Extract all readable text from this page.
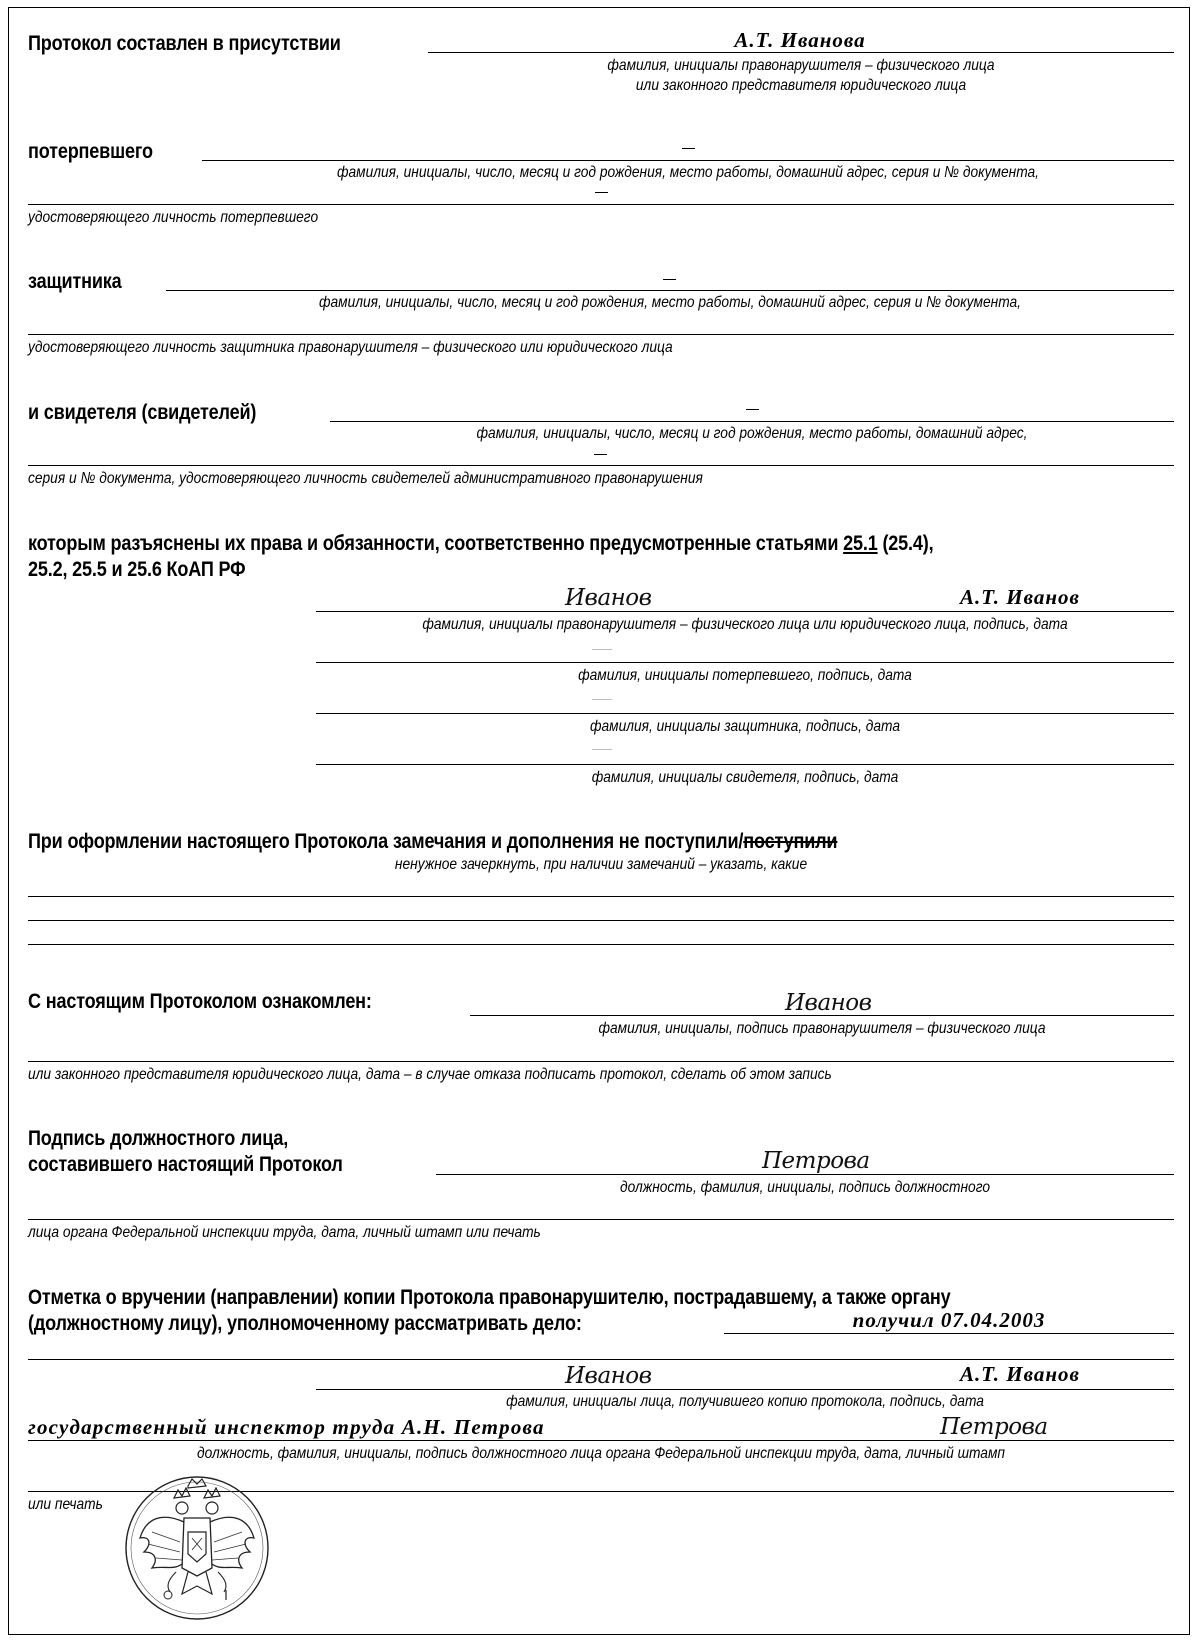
Протокол составлен в присутствии	А.Т. Иванова
фамилия, инициалы правонарушителя – физического лица
или законного представителя юридического лица
потерпевшего
фамилия, инициалы, число, месяц и год рождения, место работы, домашний адрес, серия и № документа,
удостоверяющего личность потерпевшего
защитника
фамилия, инициалы, число, месяц и год рождения, место работы, домашний адрес, серия и № документа,
удостоверяющего личность защитника правонарушителя – физического или юридического лица
и свидетеля (свидетелей)
фамилия, инициалы, число, месяц и год рождения, место работы, домашний адрес,
серия и № документа, удостоверяющего личность свидетелей административного правонарушения
которым разъяснены их права и обязанности, соответственно предусмотренные статьями 25.1 (25.4),
25.2, 25.5 и 25.6 КоАП РФ
Иванов	А.Т. Иванов
фамилия, инициалы правонарушителя – физического лица или юридического лица, подпись, дата
фамилия, инициалы потерпевшего, подпись, дата
фамилия, инициалы защитника, подпись, дата
фамилия, инициалы свидетеля, подпись, дата
При оформлении настоящего Протокола замечания и дополнения не поступили/поступили
ненужное зачеркнуть, при наличии замечаний – указать, какие
С настоящим Протоколом ознакомлен:	Иванов
фамилия, инициалы, подпись правонарушителя – физического лица
или законного представителя юридического лица, дата – в случае отказа подписать протокол, сделать об этом запись
Подпись должностного лица,
составившего настоящий Протокол	Петрова
должность, фамилия, инициалы, подпись должностного
лица органа Федеральной инспекции труда, дата, личный штамп или печать
Отметка о вручении (направлении) копии Протокола правонарушителю, пострадавшему, а также органу
(должностному лицу), уполномоченному рассматривать дело:	получил 07.04.2003
Иванов	А.Т. Иванов
фамилия, инициалы лица, получившего копию протокола, подпись, дата
государственный инспектор труда А.Н. Петрова	Петрова
должность, фамилия, инициалы, подпись должностного лица органа Федеральной инспекции труда, дата, личный штамп
или печать
